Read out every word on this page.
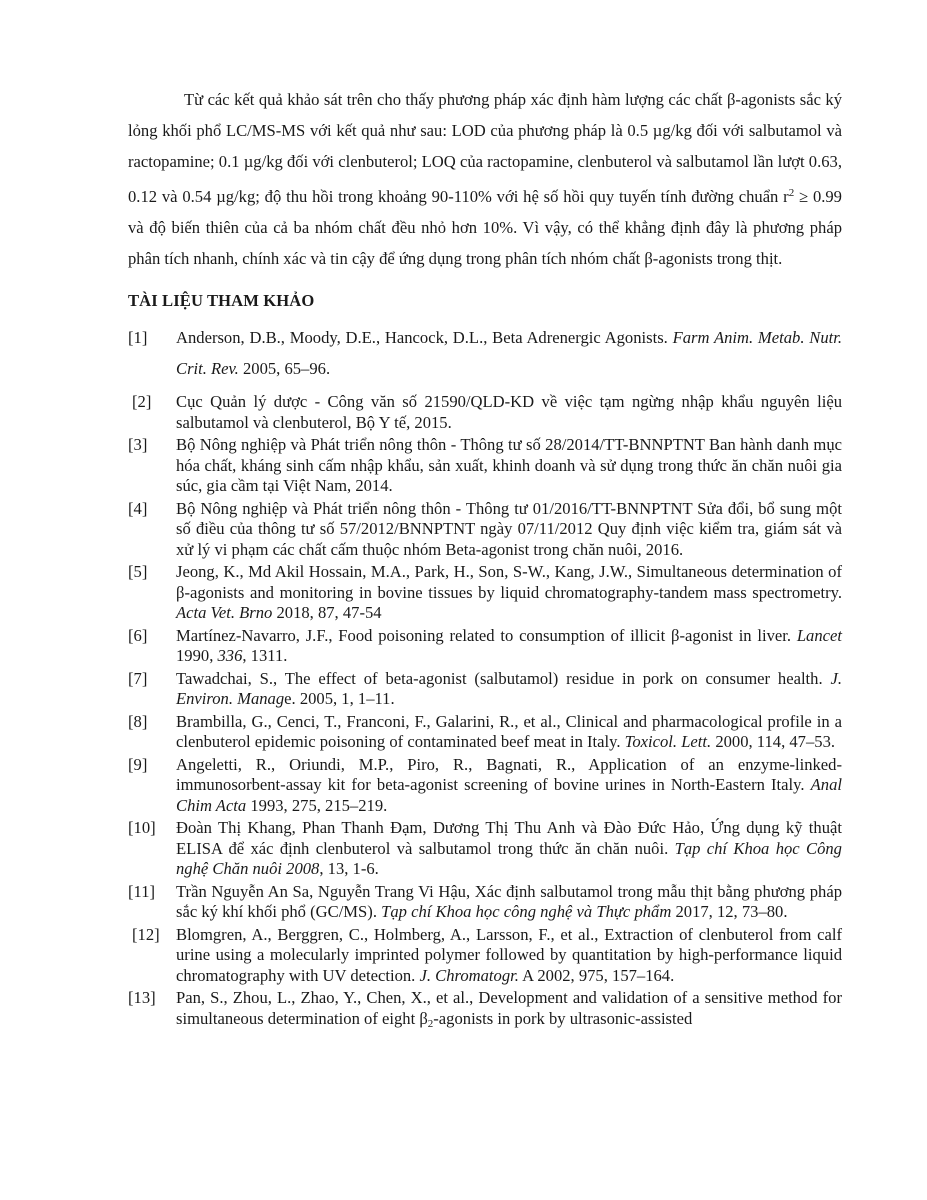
Từ các kết quả khảo sát trên cho thấy phương pháp xác định hàm lượng các chất β-agonists sắc ký lỏng khối phổ LC/MS-MS với kết quả như sau: LOD của phương pháp là 0.5 µg/kg đối với salbutamol và ractopamine; 0.1 µg/kg đối với clenbuterol; LOQ của ractopamine, clenbuterol và salbutamol lần lượt 0.63, 0.12 và 0.54 µg/kg; độ thu hồi trong khoảng 90-110% với hệ số hồi quy tuyến tính đường chuẩn $r^2 \ge 0.99$ và độ biến thiên của cả ba nhóm chất đều nhỏ hơn 10%. Vì vậy, có thể khẳng định đây là phương pháp phân tích nhanh, chính xác và tin cậy để ứng dụng trong phân tích nhóm chất β-agonists trong thịt.

TÀI LIỆU THAM KHẢO

[1] Anderson, D.B., Moody, D.E., Hancock, D.L., Beta Adrenergic Agonists. Farm Anim. Metab. Nutr. Crit. Rev. 2005, 65–96.

[2] Cục Quản lý dược - Công văn số 21590/QLD-KD về việc tạm ngừng nhập khẩu nguyên liệu salbutamol và clenbuterol, Bộ Y tế, 2015.

[3] Bộ Nông nghiệp và Phát triển nông thôn - Thông tư số 28/2014/TT-BNNPTNT Ban hành danh mục hóa chất, kháng sinh cấm nhập khẩu, sản xuất, khinh doanh và sử dụng trong thức ăn chăn nuôi gia súc, gia cầm tại Việt Nam, 2014.

[4] Bộ Nông nghiệp và Phát triển nông thôn - Thông tư 01/2016/TT-BNNPTNT Sửa đổi, bổ sung một số điều của thông tư số 57/2012/BNNPTNT ngày 07/11/2012 Quy định việc kiểm tra, giám sát và xử lý vi phạm các chất cấm thuộc nhóm Beta-agonist trong chăn nuôi, 2016.

[5] Jeong, K., Md Akil Hossain, M.A., Park, H., Son, S-W., Kang, J.W., Simultaneous determination of β-agonists and monitoring in bovine tissues by liquid chromatography-tandem mass spectrometry. Acta Vet. Brno 2018, 87, 47-54

[6] Martínez-Navarro, J.F., Food poisoning related to consumption of illicit β-agonist in liver. Lancet 1990, 336, 1311.

[7] Tawadchai, S., The effect of beta-agonist (salbutamol) residue in pork on consumer health. J. Environ. Manage. 2005, 1, 1–11.

[8] Brambilla, G., Cenci, T., Franconi, F., Galarini, R., et al., Clinical and pharmacological profile in a clenbuterol epidemic poisoning of contaminated beef meat in Italy. Toxicol. Lett. 2000, 114, 47–53.

[9] Angeletti, R., Oriundi, M.P., Piro, R., Bagnati, R., Application of an enzyme-linked-immunosorbent-assay kit for beta-agonist screening of bovine urines in North-Eastern Italy. Anal Chim Acta 1993, 275, 215–219.

[10] Đoàn Thị Khang, Phan Thanh Đạm, Dương Thị Thu Anh và Đào Đức Hảo, Ứng dụng kỹ thuật ELISA để xác định clenbuterol và salbutamol trong thức ăn chăn nuôi. Tạp chí Khoa học Công nghệ Chăn nuôi 2008, 13, 1-6.

[11] Trần Nguyễn An Sa, Nguyễn Trang Vi Hậu, Xác định salbutamol trong mẫu thịt bằng phương pháp sắc ký khí khối phổ (GC/MS). Tạp chí Khoa học công nghệ và Thực phẩm 2017, 12, 73–80.

[12] Blomgren, A., Berggren, C., Holmberg, A., Larsson, F., et al., Extraction of clenbuterol from calf urine using a molecularly imprinted polymer followed by quantitation by high-performance liquid chromatography with UV detection. J. Chromatogr. A 2002, 975, 157–164.

[13] Pan, S., Zhou, L., Zhao, Y., Chen, X., et al., Development and validation of a sensitive method for simultaneous determination of eight $\beta_2$-agonists in pork by ultrasonic-assisted
